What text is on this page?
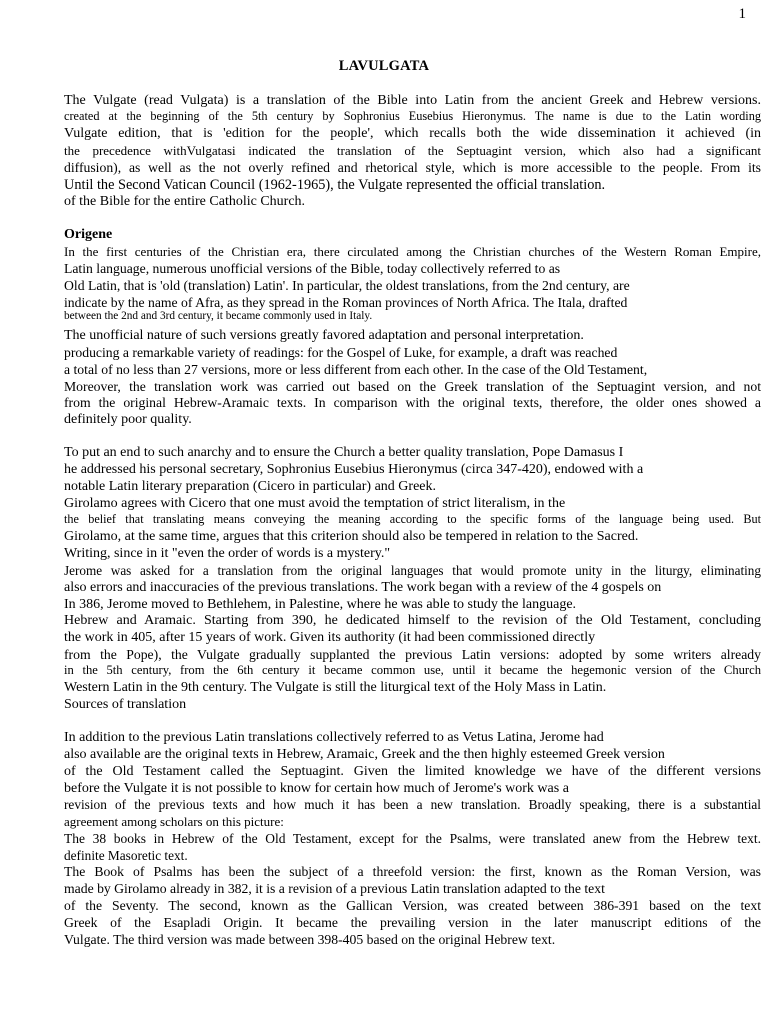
1
LAVULGATA
Origene
The Vulgate (read Vulgata) is a translation of the Bible into Latin from the ancient Greek and Hebrew versions.
created at the beginning of the 5th century by Sophronius Eusebius Hieronymus. The name is due to the Latin wording
Vulgate edition, that is 'edition for the people', which recalls both the wide dissemination it achieved (in
the precedence withVulgatasi indicated the translation of the Septuagint version, which also had a significant
diffusion), as well as the not overly refined and rhetorical style, which is more accessible to the people. From its
Until the Second Vatican Council (1962-1965), the Vulgate represented the official translation.
of the Bible for the entire Catholic Church.
In the first centuries of the Christian era, there circulated among the Christian churches of the Western Roman Empire,
Latin language, numerous unofficial versions of the Bible, today collectively referred to as
Old Latin, that is 'old (translation) Latin'. In particular, the oldest translations, from the 2nd century, are
indicate by the name of Afra, as they spread in the Roman provinces of North Africa. The Itala, drafted
between the 2nd and 3rd century, it became commonly used in Italy.
The unofficial nature of such versions greatly favored adaptation and personal interpretation.
producing a remarkable variety of readings: for the Gospel of Luke, for example, a draft was reached
a total of no less than 27 versions, more or less different from each other. In the case of the Old Testament,
Moreover, the translation work was carried out based on the Greek translation of the Septuagint version, and not
from the original Hebrew-Aramaic texts. In comparison with the original texts, therefore, the older ones showed a
definitely poor quality.
To put an end to such anarchy and to ensure the Church a better quality translation, Pope Damasus I
he addressed his personal secretary, Sophronius Eusebius Hieronymus (circa 347-420), endowed with a
notable Latin literary preparation (Cicero in particular) and Greek.
Girolamo agrees with Cicero that one must avoid the temptation of strict literalism, in the
the belief that translating means conveying the meaning according to the specific forms of the language being used. But
Girolamo, at the same time, argues that this criterion should also be tempered in relation to the Sacred.
Writing, since in it "even the order of words is a mystery."
Jerome was asked for a translation from the original languages that would promote unity in the liturgy, eliminating
also errors and inaccuracies of the previous translations. The work began with a review of the 4 gospels on
In 386, Jerome moved to Bethlehem, in Palestine, where he was able to study the language.
Hebrew and Aramaic. Starting from 390, he dedicated himself to the revision of the Old Testament, concluding
the work in 405, after 15 years of work. Given its authority (it had been commissioned directly
from the Pope), the Vulgate gradually supplanted the previous Latin versions: adopted by some writers already
in the 5th century, from the 6th century it became common use, until it became the hegemonic version of the Church
Western Latin in the 9th century. The Vulgate is still the liturgical text of the Holy Mass in Latin.
Sources of translation
In addition to the previous Latin translations collectively referred to as Vetus Latina, Jerome had
also available are the original texts in Hebrew, Aramaic, Greek and the then highly esteemed Greek version
of the Old Testament called the Septuagint. Given the limited knowledge we have of the different versions
before the Vulgate it is not possible to know for certain how much of Jerome's work was a
revision of the previous texts and how much it has been a new translation. Broadly speaking, there is a substantial
agreement among scholars on this picture:
The 38 books in Hebrew of the Old Testament, except for the Psalms, were translated anew from the Hebrew text.
definite Masoretic text.
The Book of Psalms has been the subject of a threefold version: the first, known as the Roman Version, was
made by Girolamo already in 382, it is a revision of a previous Latin translation adapted to the text
of the Seventy. The second, known as the Gallican Version, was created between 386-391 based on the text
Greek of the Esapladi Origin. It became the prevailing version in the later manuscript editions of the
Vulgate. The third version was made between 398-405 based on the original Hebrew text.
